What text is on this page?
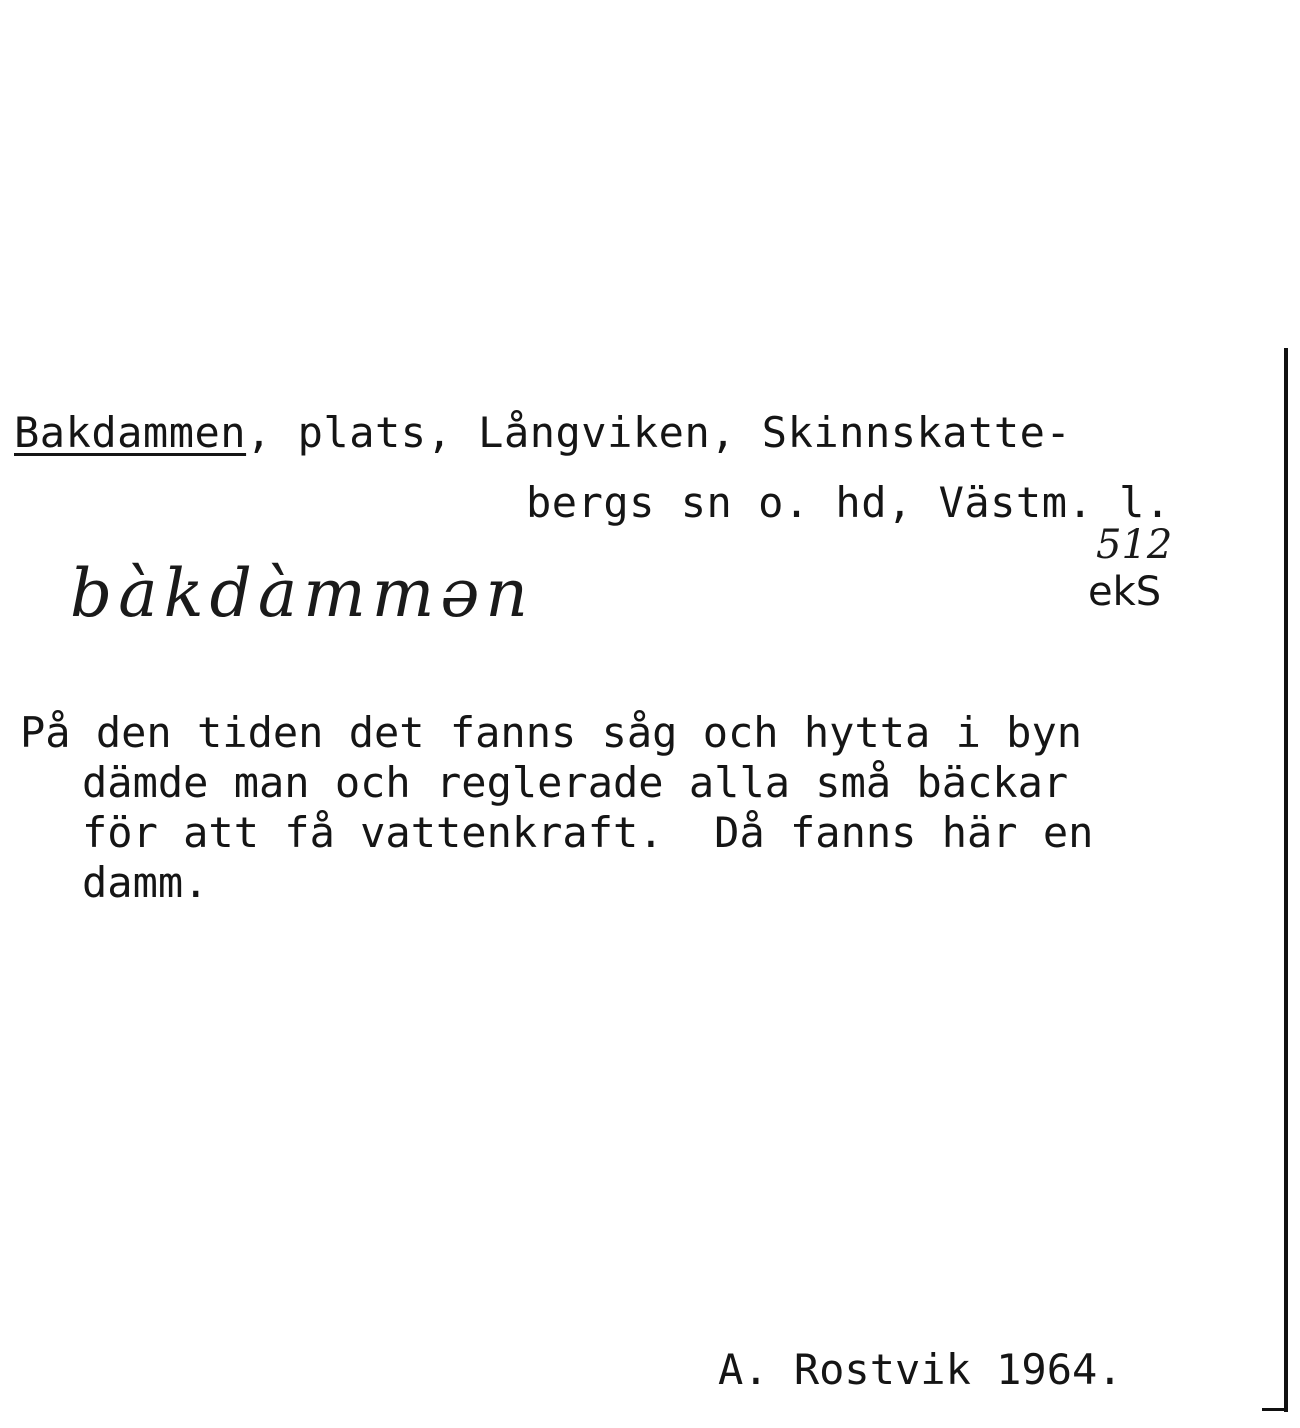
Bakdammen, plats, Långviken, Skinnskatte-
bergs sn o. hd, Västm. l.
bàkdàmmən
512
ekS
På den tiden det fanns såg och hytta i byn
dämde man och reglerade alla små bäckar
för att få vattenkraft.  Då fanns här en
damm.
A. Rostvik 1964.
